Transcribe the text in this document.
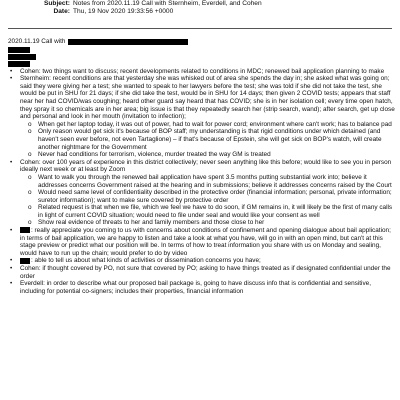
Subject: Notes from 2020.11.19 Call with Sternheim, Everdell, and Cohen
Date: Thu, 19 Nov 2020 19:33:56 +0000
2020.11.19 Call with
• Cohen: two things want to discuss; recent developments related to conditions in MDC; renewed bail application planning to make
• Sternheim: recent conditions are that yesterday she was whisked out of area she spends the day in; she asked what was going on; said they were giving her a test; she wanted to speak to her lawyers before the test; she was told if she did not take the test, she would be put in SHU for 21 days; if she did take the test, would be in SHU for 14 days; then given 2 COVID tests; appears that staff near her had COVID/was coughing; heard other guard say heard that has COVID; she is in her isolation cell; every time open hatch, they spray it so chemicals are in her area; big issue is that they repeatedly search her (strip search, wand); after search, get up close and personal and look in her mouth (invitation to infection);
o When get her laptop today, it was out of power, had to wait for power cord; environment where can't work; has to balance pad
o Only reason would get sick it's because of BOP staff; my understanding is that rigid conditions under which detained (and haven't seen ever before, not even Tartaglione) – if that's because of Epstein, she will get sick on BOP's watch, will create another nightmare for the Government
o Never had conditions for terrorism, violence, murder treated the way GM is treated
• Cohen: over 100 years of experience in this district collectively; never seen anything like this before; would like to see you in person ideally next week or at least by Zoom
o Want to walk you through the renewed bail application have spent 3.5 months putting substantial work into; believe it addresses concerns Government raised at the hearing and in submissions; believe it addresses concerns raised by the Court
o Would need same level of confidentiality described in the protective order (financial information; personal, private information; suretor information); want to make sure covered by protective order
o Related request is that when we file, which we feel we have to do soon, if GM remains in, it will likely be the first of many calls in light of current COVID situation; would need to file under seal and would like your consent as well
o Show real evidence of threats to her and family members and those close to her
• : really appreciate you coming to us with concerns about conditions of confinement and opening dialogue about bail application; in terms of bail application, we are happy to listen and take a look at what you have, will go in with an open mind, but can't at this stage preview or predict what our position will be. In terms of how to treat information you share with us on Monday and sealing, would have to run up the chain; would prefer to do by video
• : able to tell us about what kinds of activities or dissemination concerns you have;
• Cohen: if thought covered by PO, not sure that covered by PO; asking to have things treated as if designated confidential under the order
• Everdell: in order to describe what our proposed bail package is, going to have discuss info that is confidential and sensitive, including for potential co-signers; includes their properties, financial information
